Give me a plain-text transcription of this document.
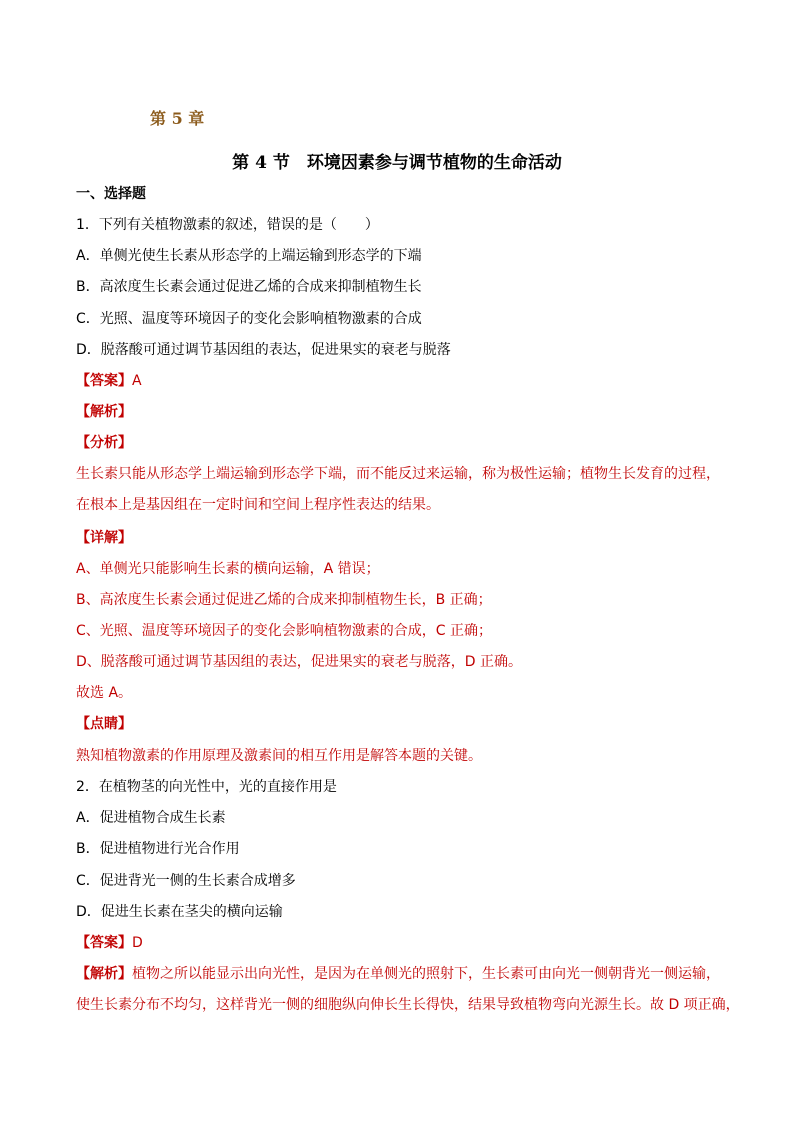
第 5 章
第 4 节　环境因素参与调节植物的生命活动
一、选择题
1．下列有关植物激素的叙述，错误的是（　　）
A．单侧光使生长素从形态学的上端运输到形态学的下端
B．高浓度生长素会通过促进乙烯的合成来抑制植物生长
C．光照、温度等环境因子的变化会影响植物激素的合成
D．脱落酸可通过调节基因组的表达，促进果实的衰老与脱落
【答案】A
【解析】
【分析】
生长素只能从形态学上端运输到形态学下端，而不能反过来运输，称为极性运输；植物生长发育的过程，
在根本上是基因组在一定时间和空间上程序性表达的结果。
【详解】
A、单侧光只能影响生长素的横向运输，A 错误；
B、高浓度生长素会通过促进乙烯的合成来抑制植物生长，B 正确；
C、光照、温度等环境因子的变化会影响植物激素的合成，C 正确；
D、脱落酸可通过调节基因组的表达，促进果实的衰老与脱落，D 正确。
故选 A。
【点睛】
熟知植物激素的作用原理及激素间的相互作用是解答本题的关键。
2．在植物茎的向光性中，光的直接作用是
A．促进植物合成生长素
B．促进植物进行光合作用
C．促进背光一侧的生长素合成增多
D．促进生长素在茎尖的横向运输
【答案】D
【解析】植物之所以能显示出向光性，是因为在单侧光的照射下，生长素可由向光一侧朝背光一侧运输，
使生长素分布不均匀，这样背光一侧的细胞纵向伸长生长得快，结果导致植物弯向光源生长。故 D 项正确，
